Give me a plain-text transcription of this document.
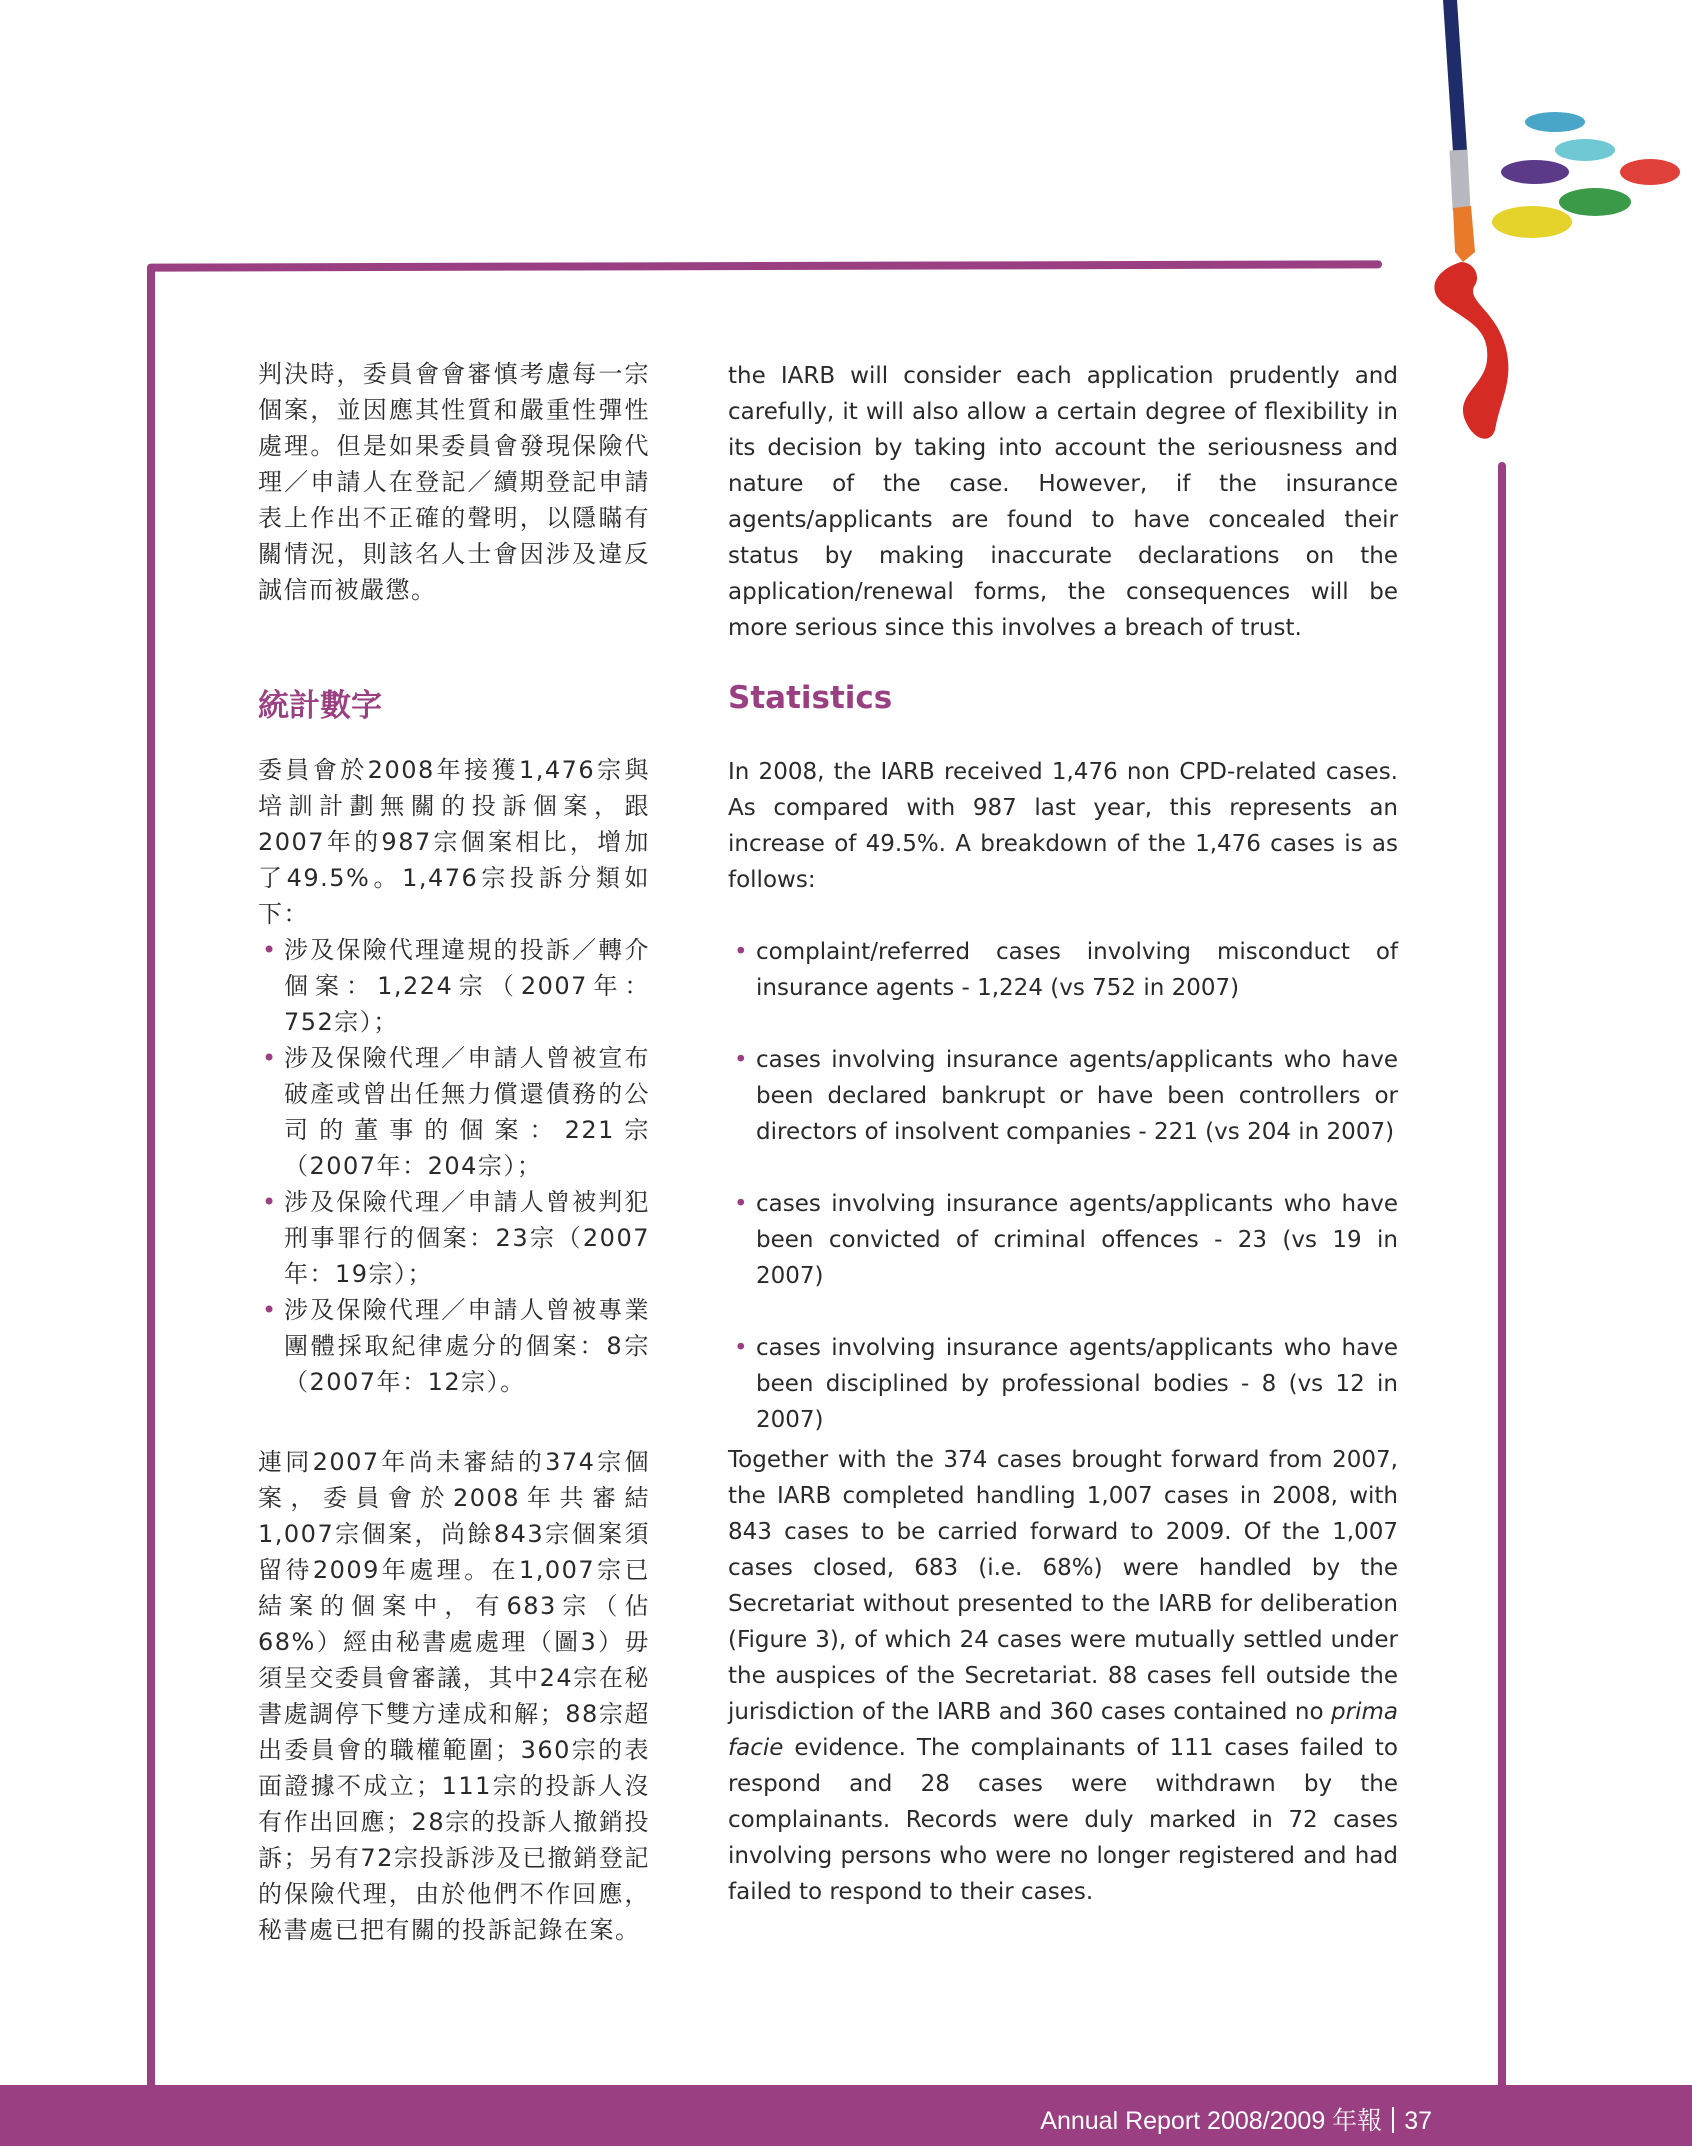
判決時，委員會會審慎考慮每一宗個案，並因應其性質和嚴重性彈性處理。但是如果委員會發現保險代理／申請人在登記／續期登記申請表上作出不正確的聲明，以隱瞞有關情況，則該名人士會因涉及違反誠信而被嚴懲。

統計數字

委員會於2008年接獲1,476宗與培訓計劃無關的投訴個案，跟2007年的987宗個案相比，增加了49.5%。1,476宗投訴分類如下：

• 涉及保險代理違規的投訴／轉介個案：1,224宗（2007年：752宗）；
• 涉及保險代理／申請人曾被宣布破產或曾出任無力償還債務的公司的董事的個案：221宗（2007年：204宗）；
• 涉及保險代理／申請人曾被判犯刑事罪行的個案：23宗（2007年：19宗）；
• 涉及保險代理／申請人曾被專業團體採取紀律處分的個案：8宗（2007年：12宗）。

連同2007年尚未審結的374宗個案，委員會於2008年共審結1,007宗個案，尚餘843宗個案須留待2009年處理。在1,007宗已結案的個案中，有683宗（佔68%）經由秘書處處理（圖3）毋須呈交委員會審議，其中24宗在秘書處調停下雙方達成和解；88宗超出委員會的職權範圍；360宗的表面證據不成立；111宗的投訴人沒有作出回應；28宗的投訴人撤銷投訴；另有72宗投訴涉及已撤銷登記的保險代理，由於他們不作回應，秘書處已把有關的投訴記錄在案。

the IARB will consider each application prudently and carefully, it will also allow a certain degree of flexibility in its decision by taking into account the seriousness and nature of the case. However, if the insurance agents/applicants are found to have concealed their status by making inaccurate declarations on the application/renewal forms, the consequences will be more serious since this involves a breach of trust.

Statistics

In 2008, the IARB received 1,476 non CPD-related cases. As compared with 987 last year, this represents an increase of 49.5%. A breakdown of the 1,476 cases is as follows:

• complaint/referred cases involving misconduct of insurance agents - 1,224 (vs 752 in 2007)
• cases involving insurance agents/applicants who have been declared bankrupt or have been controllers or directors of insolvent companies - 221 (vs 204 in 2007)
• cases involving insurance agents/applicants who have been convicted of criminal offences - 23 (vs 19 in 2007)
• cases involving insurance agents/applicants who have been disciplined by professional bodies - 8 (vs 12 in 2007)

Together with the 374 cases brought forward from 2007, the IARB completed handling 1,007 cases in 2008, with 843 cases to be carried forward to 2009. Of the 1,007 cases closed, 683 (i.e. 68%) were handled by the Secretariat without presented to the IARB for deliberation (Figure 3), of which 24 cases were mutually settled under the auspices of the Secretariat. 88 cases fell outside the jurisdiction of the IARB and 360 cases contained no prima facie evidence. The complainants of 111 cases failed to respond and 28 cases were withdrawn by the complainants. Records were duly marked in 72 cases involving persons who were no longer registered and had failed to respond to their cases.

Annual Report 2008/2009 年報 37
